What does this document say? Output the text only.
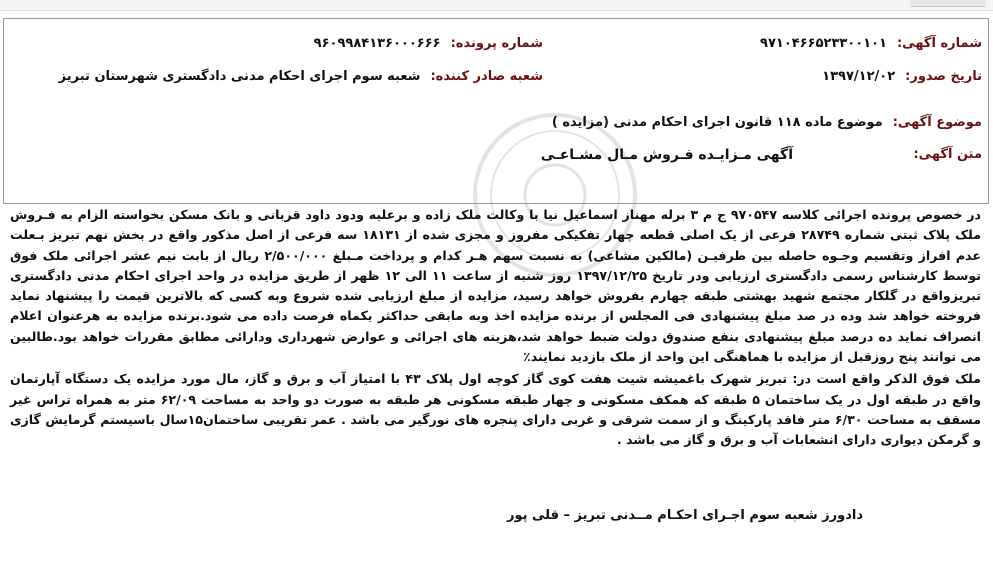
شماره آگهی:
۹۷۱۰۴۶۶۵۲۳۳۰۰۱۰۱
شماره پرونده:
۹۶۰۹۹۸۴۱۳۶۰۰۰۶۶۶
تاریخ صدور:
۱۳۹۷/۱۲/۰۲
شعبه صادر کننده:
شعبه سوم اجرای احکام مدنی دادگستری شهرستان تبریز
موضوع آگهی:
موضوع ماده ۱۱۸ قانون اجرای احکام مدنی (مزایده )
متن آگهی:
آگهی مـزایـده فـروش مـال مشـاعـی

در خصوص پرونده اجرائی کلاسه ۹۷۰۵۴۷ ج م ۳ برله مهناز اسماعیل نیا با وکالت ملک زاده و برعلیه ودود داود قربانی و بانک مسکن بخواسته الزام به فـروش ملک پلاک ثبتی شماره ۲۸۷۴۹ فرعی از یک اصلی قطعه چهار تفکیکی مفروز و مجزی شده از ۱۸۱۳۱ سه فرعی از اصل مذکور واقع در بخش نهم تبریز بـعلت عدم افراز وتقسیم وجـوه حاصله بین طرفیـن (مالکین مشاعی) به نسبت سهم هـر کدام و پرداخت مـبلغ ۲/۵۰۰/۰۰۰ ریال از بابت نیم عشر اجرائی ملک فوق توسط کارشناس رسمی دادگستری ارزیابی ودر تاریخ ۱۳۹۷/۱۲/۲۵ روز شنبه از ساعت ۱۱ الی ۱۲ ظهر از طریق مزایده در واحد اجرای احکام مدنی دادگستری تبریزواقع در گلکار مجتمع شهید بهشتی طبقه چهارم بفروش خواهد رسید، مزایده از مبلغ ارزیابی شده شروع وبه کسی که بالاترین قیمت را پیشنهاد نماید فروخته خواهد شد وده در صد مبلغ پیشنهادی فی المجلس از برنده مزایده اخذ وبه مابقی حداکثر یکماه فرصت داده می شود.برنده مزایده به هرعنوان اعلام انصراف نماید ده درصد مبلغ پیشنهادی بنفع صندوق دولت ضبط خواهد شد،هزینه های اجرائی و عوارض شهرداری ودارائی مطابق مقررات خواهد بود.طالبین می توانند پنج روزقبل از مزایده با هماهنگی این واحد از ملک بازدید نمایند٪

ملک فوق الذکر واقع است در: تبریز شهرک باغمیشه شیت هفت کوی گاز کوچه اول پلاک ۴۳ با امتیاز آب و برق و گاز، مال مورد مزایده یک دستگاه آپارتمان واقع در طبقه اول در یک ساختمان ۵ طبقه که همکف مسکونی و چهار طبقه مسکونی هر طبقه به صورت دو واحد به مساحت ۶۲/۰۹ متر به همراه تراس غیر مسقف به مساحت ۶/۳۰ متر فاقد پارکینگ و از سمت شرقی و غربی دارای پنجره های نورگیر می باشد . عمر تقریبی ساختمان۱۵سال باسیستم گرمایش گازی و گرمکن دیواری دارای انشعابات آب و برق و گاز می باشد .

دادورز شعبه سوم اجـرای احکـام مــدنی تبریز – قلی پور
